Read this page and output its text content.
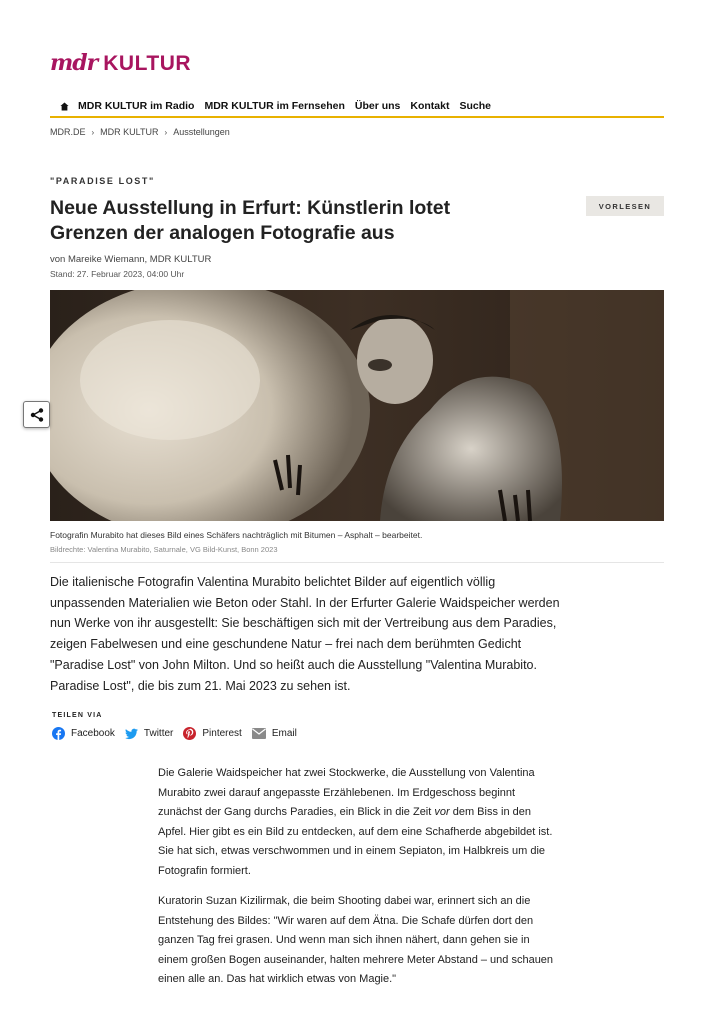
mdr KULTUR
MDR KULTUR im Radio MDR KULTUR im Fernsehen Über uns Kontakt Suche
MDR.DE › MDR KULTUR › Ausstellungen
"PARADISE LOST"
Neue Ausstellung in Erfurt: Künstlerin lotet Grenzen der analogen Fotografie aus
VORLESEN
von Mareike Wiemann, MDR KULTUR
Stand: 27. Februar 2023, 04:00 Uhr
Fotografin Murabito hat dieses Bild eines Schäfers nachträglich mit Bitumen – Asphalt – bearbeitet.
Bildrechte: Valentina Murabito, Saturnale, VG Bild-Kunst, Bonn 2023

Die italienische Fotografin Valentina Murabito belichtet Bilder auf eigentlich völlig unpassenden Materialien wie Beton oder Stahl. In der Erfurter Galerie Waidspeicher werden nun Werke von ihr ausgestellt: Sie beschäftigen sich mit der Vertreibung aus dem Paradies, zeigen Fabelwesen und eine geschundene Natur – frei nach dem berühmten Gedicht "Paradise Lost" von John Milton. Und so heißt auch die Ausstellung "Valentina Murabito. Paradise Lost", die bis zum 21. Mai 2023 zu sehen ist.

TEILEN VIA
Facebook	Twitter	Pinterest	Email

Die Galerie Waidspeicher hat zwei Stockwerke, die Ausstellung von Valentina Murabito zwei darauf angepasste Erzählebenen. Im Erdgeschoss beginnt zunächst der Gang durchs Paradies, ein Blick in die Zeit vor dem Biss in den Apfel. Hier gibt es ein Bild zu entdecken, auf dem eine Schafherde abgebildet ist. Sie hat sich, etwas verschwommen und in einem Sepiaton, im Halbkreis um die Fotografin formiert.

Kuratorin Suzan Kizilirmak, die beim Shooting dabei war, erinnert sich an die Entstehung des Bildes: "Wir waren auf dem Ätna. Die Schafe dürfen dort den ganzen Tag frei grasen. Und wenn man sich ihnen nähert, dann gehen sie in einem großen Bogen auseinander, halten mehrere Meter Abstand – und schauen einen alle an. Das hat wirklich etwas von Magie."
